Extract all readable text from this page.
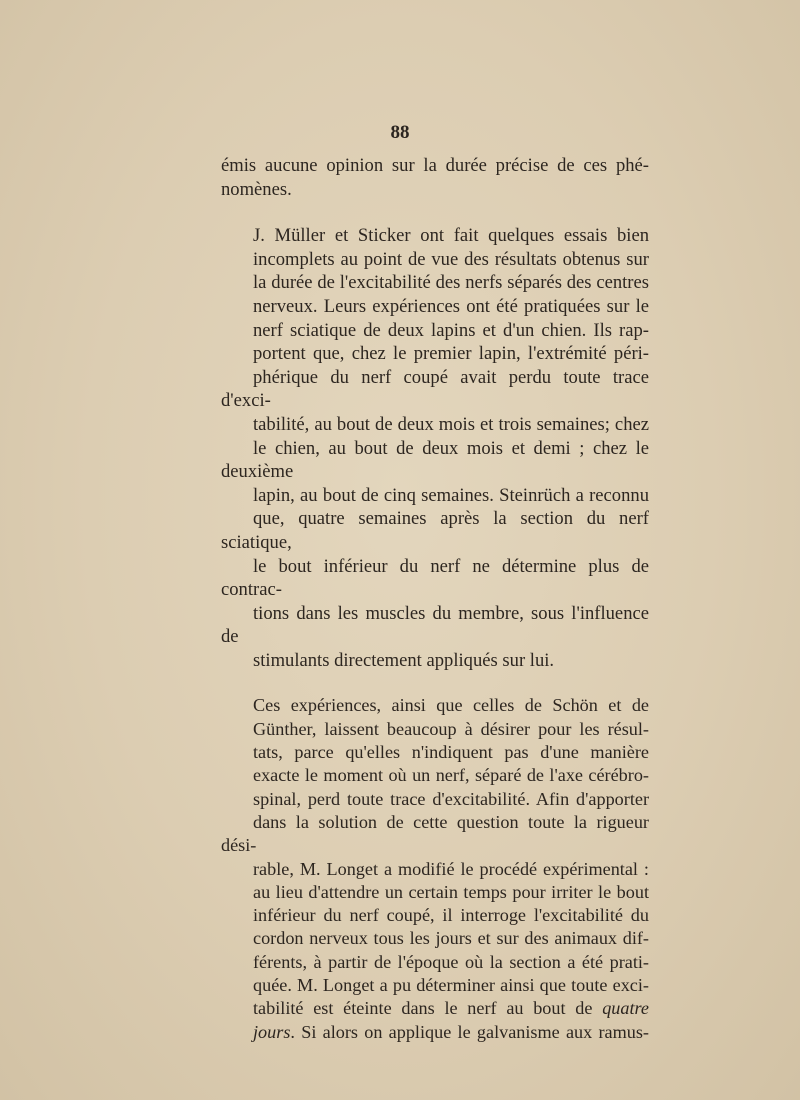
88

émis aucune opinion sur la durée précise de ces phé-
nomènes.

J. Müller et Sticker ont fait quelques essais bien
incomplets au point de vue des résultats obtenus sur
la durée de l'excitabilité des nerfs séparés des centres
nerveux. Leurs expériences ont été pratiquées sur le
nerf sciatique de deux lapins et d'un chien. Ils rap-
portent que, chez le premier lapin, l'extrémité péri-
phérique du nerf coupé avait perdu toute trace d'exci-
tabilité, au bout de deux mois et trois semaines; chez
le chien, au bout de deux mois et demi ; chez le deuxième
lapin, au bout de cinq semaines. Steinrüch a reconnu
que, quatre semaines après la section du nerf sciatique,
le bout inférieur du nerf ne détermine plus de contrac-
tions dans les muscles du membre, sous l'influence de
stimulants directement appliqués sur lui.

Ces expériences, ainsi que celles de Schön et de
Günther, laissent beaucoup à désirer pour les résul-
tats, parce qu'elles n'indiquent pas d'une manière
exacte le moment où un nerf, séparé de l'axe cérébro-
spinal, perd toute trace d'excitabilité. Afin d'apporter
dans la solution de cette question toute la rigueur dési-
rable, M. Longet a modifié le procédé expérimental :
au lieu d'attendre un certain temps pour irriter le bout
inférieur du nerf coupé, il interroge l'excitabilité du
cordon nerveux tous les jours et sur des animaux dif-
férents, à partir de l'époque où la section a été prati-
quée. M. Longet a pu déterminer ainsi que toute exci-
tabilité est éteinte dans le nerf au bout de quatre
jours. Si alors on applique le galvanisme aux ramus-
